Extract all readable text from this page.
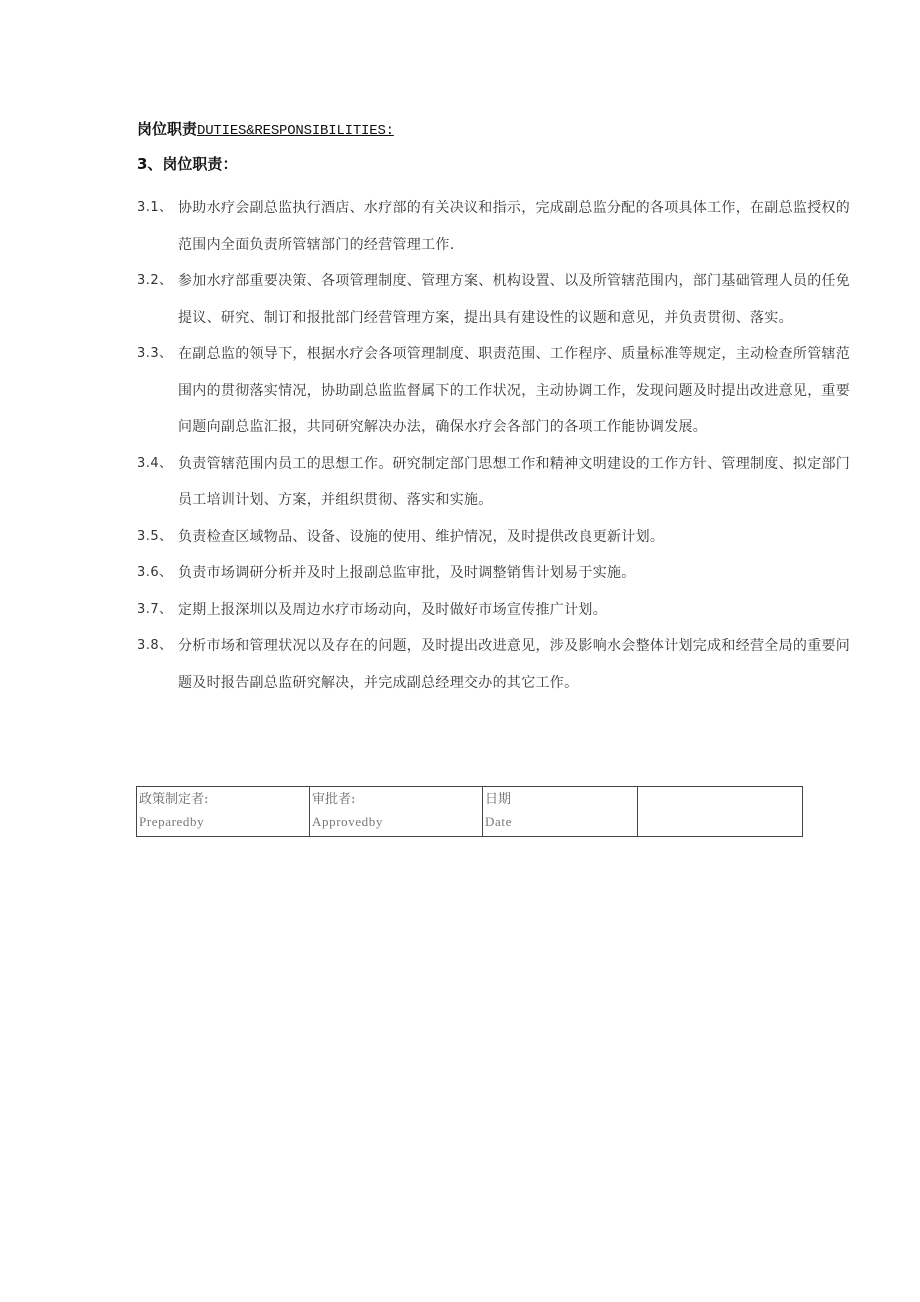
岗位职责DUTIES&RESPONSIBILITIES:
3、岗位职责：
3.1、 协助水疗会副总监执行酒店、水疗部的有关决议和指示，完成副总监分配的各项具体工作，在副总监授权的范围内全面负责所管辖部门的经营管理工作.
3.2、 参加水疗部重要决策、各项管理制度、管理方案、机构设置、以及所管辖范围内，部门基础管理人员的任免提议、研究、制订和报批部门经营管理方案，提出具有建设性的议题和意见，并负责贯彻、落实。
3.3、 在副总监的领导下，根据水疗会各项管理制度、职责范围、工作程序、质量标准等规定，主动检查所管辖范围内的贯彻落实情况，协助副总监监督属下的工作状况，主动协调工作，发现问题及时提出改进意见，重要问题向副总监汇报，共同研究解决办法，确保水疗会各部门的各项工作能协调发展。
3.4、 负责管辖范围内员工的思想工作。研究制定部门思想工作和精神文明建设的工作方针、管理制度、拟定部门员工培训计划、方案，并组织贯彻、落实和实施。
3.5、 负责检查区域物品、设备、设施的使用、维护情况，及时提供改良更新计划。
3.6、 负责市场调研分析并及时上报副总监审批，及时调整销售计划易于实施。
3.7、 定期上报深圳以及周边水疗市场动向，及时做好市场宣传推广计划。
3.8、 分析市场和管理状况以及存在的问题，及时提出改进意见，涉及影响水会整体计划完成和经营全局的重要问题及时报告副总监研究解决，并完成副总经理交办的其它工作。
政策制定者:
Preparedby

审批者:
Approvedby

日期
Date
